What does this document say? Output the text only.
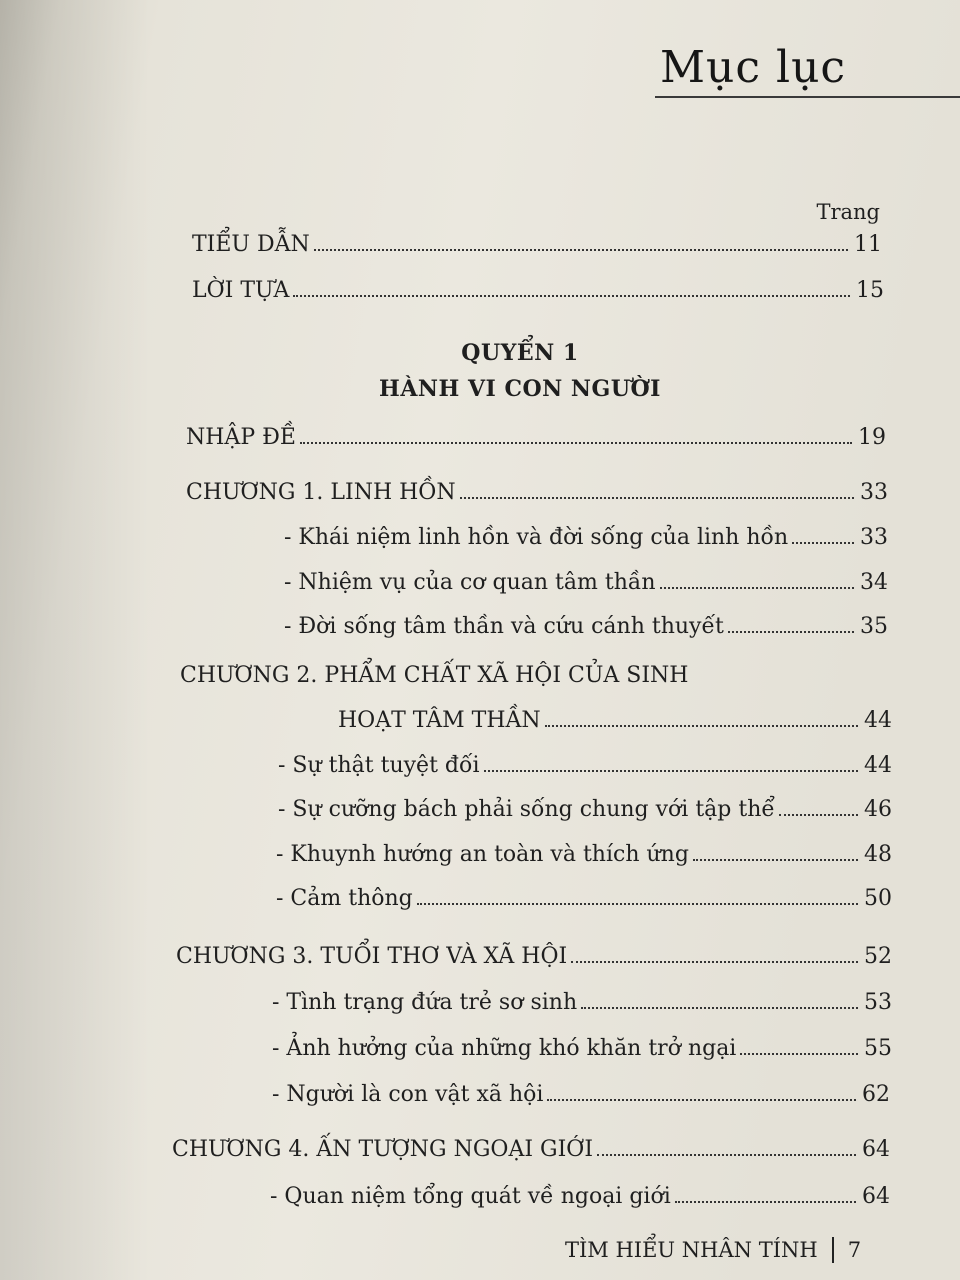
Mục lục
Trang
TIỂU DẪN	11
LỜI TỰA	15
QUYỂN 1
HÀNH VI CON NGƯỜI
NHẬP ĐỀ	19
CHƯƠNG 1. LINH HỒN	33
- Khái niệm linh hồn và đời sống của linh hồn	33
- Nhiệm vụ của cơ quan tâm thần	34
- Đời sống tâm thần và cứu cánh thuyết	35
CHƯƠNG 2. PHẨM CHẤT XÃ HỘI CỦA SINH
HOẠT TÂM THẦN	44
- Sự thật tuyệt đối	44
- Sự cưỡng bách phải sống chung với tập thể	46
- Khuynh hướng an toàn và thích ứng	48
- Cảm thông	50
CHƯƠNG 3. TUỔI THƠ VÀ XÃ HỘI	52
- Tình trạng đứa trẻ sơ sinh	53
- Ảnh hưởng của những khó khăn trở ngại	55
- Người là con vật xã hội	62
CHƯƠNG 4. ẤN TƯỢNG NGOẠI GIỚI	64
- Quan niệm tổng quát về ngoại giới	64
TÌM HIỂU NHÂN TÍNH 7
